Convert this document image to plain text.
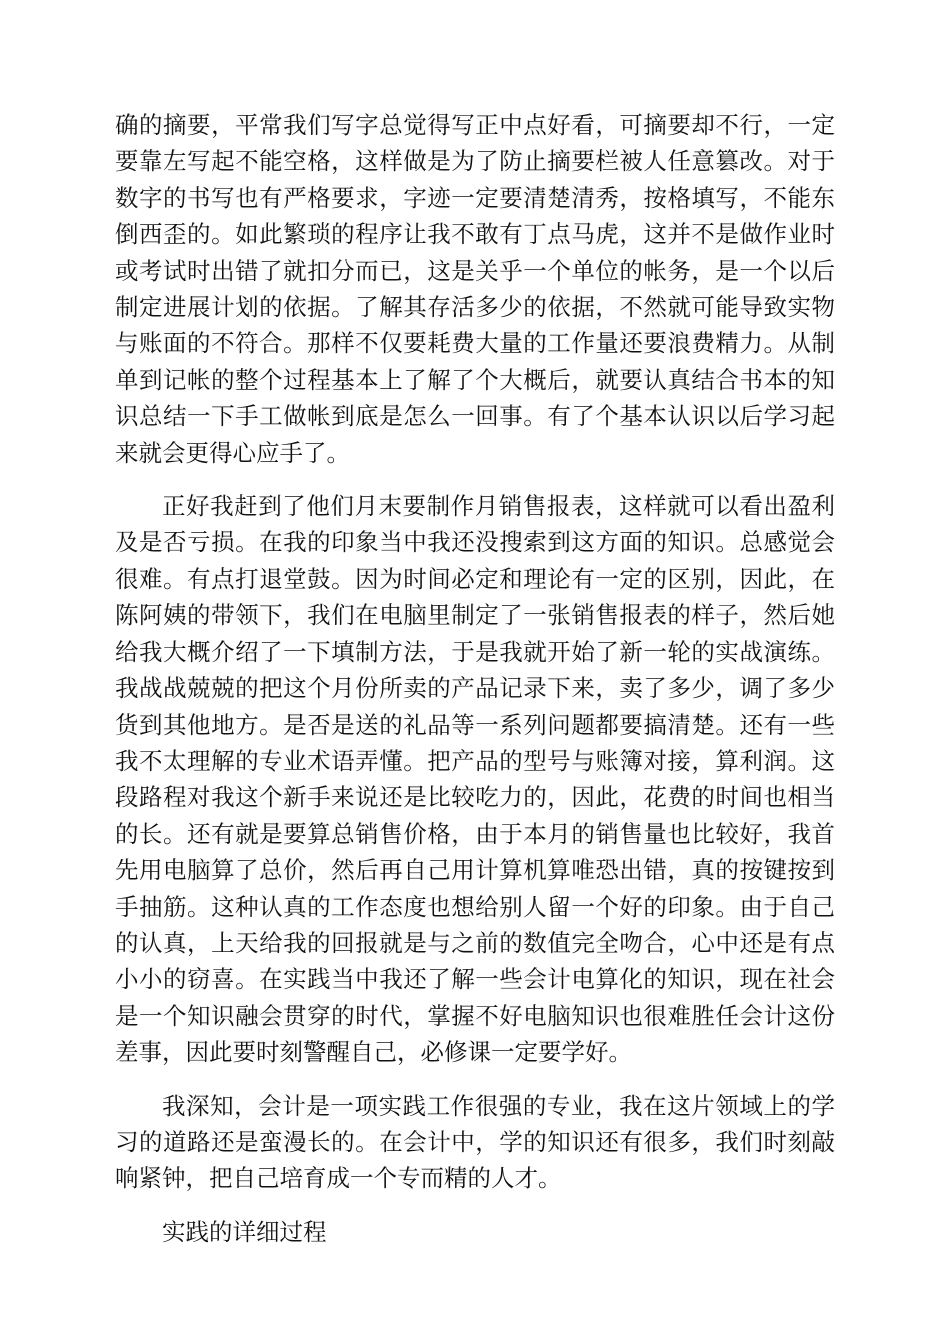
确的摘要，平常我们写字总觉得写正中点好看，可摘要却不行，一定要靠左写起不能空格，这样做是为了防止摘要栏被人任意篡改。对于数字的书写也有严格要求，字迹一定要清楚清秀，按格填写，不能东倒西歪的。如此繁琐的程序让我不敢有丁点马虎，这并不是做作业时或考试时出错了就扣分而已，这是关乎一个单位的帐务，是一个以后制定进展计划的依据。了解其存活多少的依据，不然就可能导致实物与账面的不符合。那样不仅要耗费大量的工作量还要浪费精力。从制单到记帐的整个过程基本上了解了个大概后，就要认真结合书本的知识总结一下手工做帐到底是怎么一回事。有了个基本认识以后学习起来就会更得心应手了。

正好我赶到了他们月末要制作月销售报表，这样就可以看出盈利及是否亏损。在我的印象当中我还没搜索到这方面的知识。总感觉会很难。有点打退堂鼓。因为时间必定和理论有一定的区别，因此，在陈阿姨的带领下，我们在电脑里制定了一张销售报表的样子，然后她给我大概介绍了一下填制方法，于是我就开始了新一轮的实战演练。我战战兢兢的把这个月份所卖的产品记录下来，卖了多少，调了多少货到其他地方。是否是送的礼品等一系列问题都要搞清楚。还有一些我不太理解的专业术语弄懂。把产品的型号与账簿对接，算利润。这段路程对我这个新手来说还是比较吃力的，因此，花费的时间也相当的长。还有就是要算总销售价格，由于本月的销售量也比较好，我首先用电脑算了总价，然后再自己用计算机算唯恐出错，真的按键按到手抽筋。这种认真的工作态度也想给别人留一个好的印象。由于自己的认真，上天给我的回报就是与之前的数值完全吻合，心中还是有点小小的窃喜。在实践当中我还了解一些会计电算化的知识，现在社会是一个知识融会贯穿的时代，掌握不好电脑知识也很难胜任会计这份差事，因此要时刻警醒自己，必修课一定要学好。

我深知，会计是一项实践工作很强的专业，我在这片领域上的学习的道路还是蛮漫长的。在会计中，学的知识还有很多，我们时刻敲响紧钟，把自己培育成一个专而精的人才。

实践的详细过程
